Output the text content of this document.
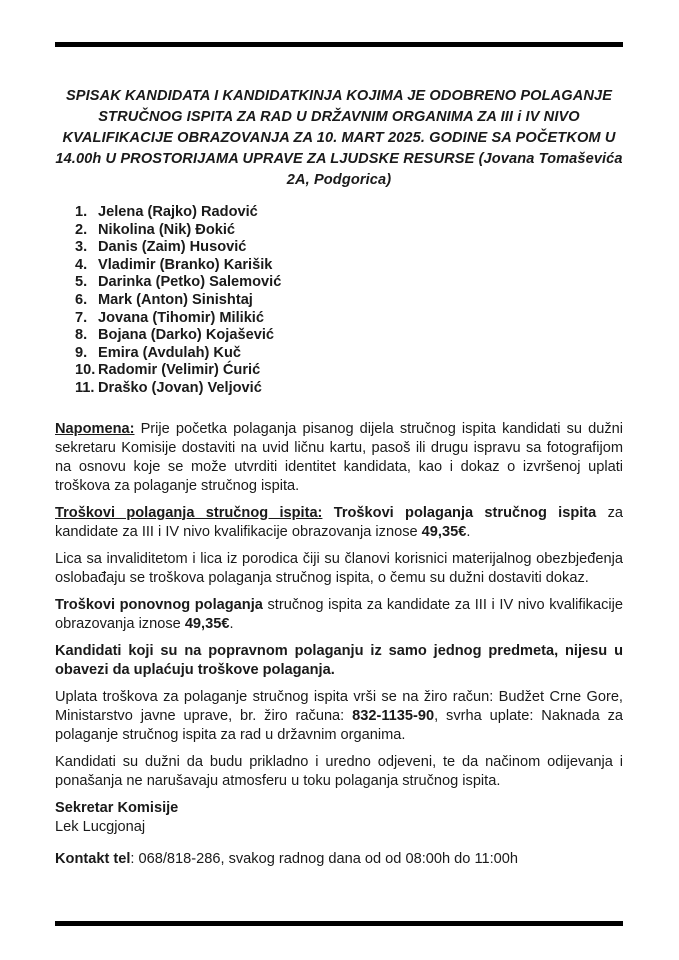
SPISAK KANDIDATA I KANDIDATKINJA KOJIMA JE ODOBRENO POLAGANJE
STRUČNOG ISPITA ZA RAD U DRŽAVNIM ORGANIMA ZA III i IV NIVO
KVALIFIKACIJE OBRAZOVANJA ZA 10. MART 2025. GODINE SA POČETKOM U
14.00h U PROSTORIJAMA UPRAVE ZA LJUDSKE RESURSE (Jovana Tomaševića
2A, Podgorica)
1. Jelena (Rajko) Radović
2. Nikolina (Nik) Đokić
3. Danis (Zaim) Husović
4. Vladimir (Branko) Karišik
5. Darinka (Petko) Salemović
6. Mark (Anton) Sinishtaj
7. Jovana (Tihomir) Milikić
8. Bojana (Darko) Kojašević
9. Emira (Avdulah) Kuč
10. Radomir (Velimir) Ćurić
11. Draško (Jovan) Veljović

Napomena: Prije početka polaganja pisanog dijela stručnog ispita kandidati su dužni sekretaru Komisije dostaviti na uvid ličnu kartu, pasoš ili drugu ispravu sa fotografijom na osnovu koje se može utvrditi identitet kandidata, kao i dokaz o izvršenoj uplati troškova za polaganje stručnog ispita.

Troškovi polaganja stručnog ispita: Troškovi polaganja stručnog ispita za kandidate za III i IV nivo kvalifikacije obrazovanja iznose 49,35€.

Lica sa invaliditetom i lica iz porodica čiji su članovi korisnici materijalnog obezbjeđenja oslobađaju se troškova polaganja stručnog ispita, o čemu su dužni dostaviti dokaz.

Troškovi ponovnog polaganja stručnog ispita za kandidate za III i IV nivo kvalifikacije obrazovanja iznose 49,35€.

Kandidati koji su na popravnom polaganju iz samo jednog predmeta, nijesu u obavezi da uplaćuju troškove polaganja.

Uplata troškova za polaganje stručnog ispita vrši se na žiro račun: Budžet Crne Gore, Ministarstvo javne uprave, br. žiro računa: 832-1135-90, svrha uplate: Naknada za polaganje stručnog ispita za rad u državnim organima.

Kandidati su dužni da budu prikladno i uredno odjeveni, te da načinom odijevanja i ponašanja ne narušavaju atmosferu u toku polaganja stručnog ispita.

Sekretar Komisije
Lek Lucgjonaj
Kontakt tel: 068/818-286, svakog radnog dana od od 08:00h do 11:00h
